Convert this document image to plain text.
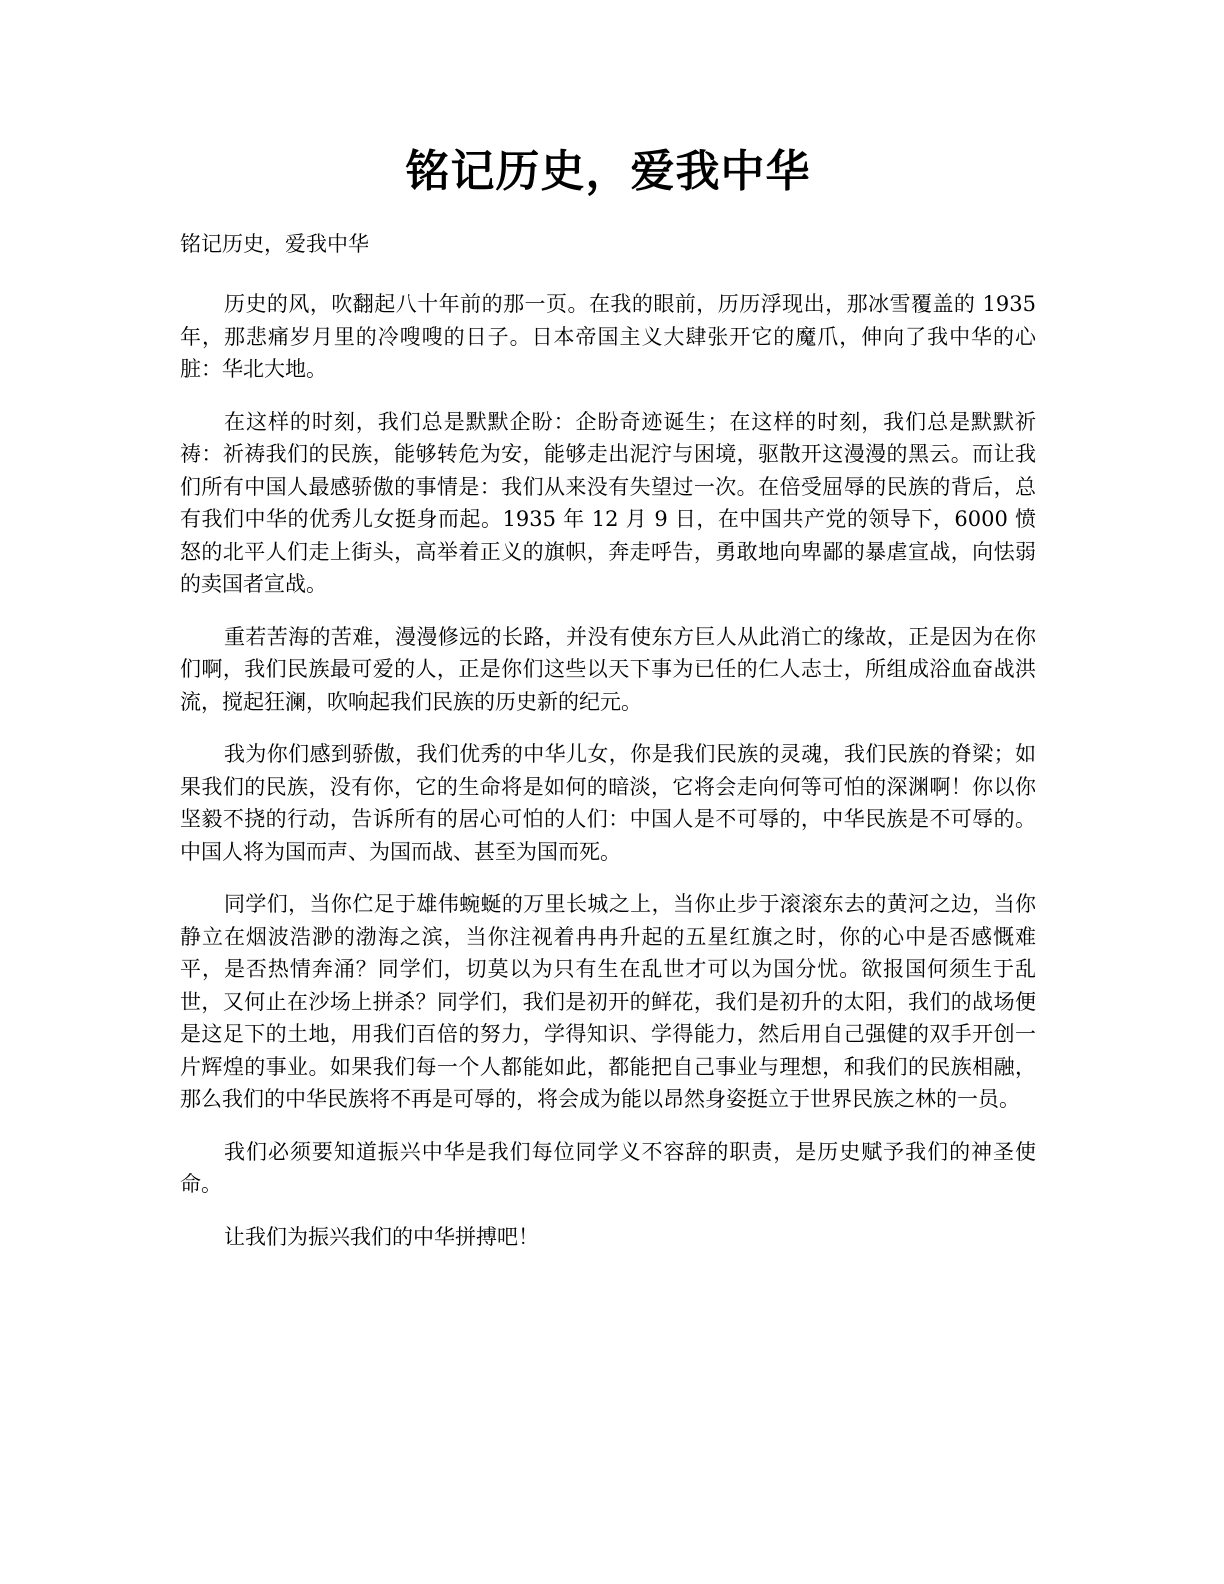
铭记历史，爱我中华

铭记历史，爱我中华

历史的风，吹翻起八十年前的那一页。在我的眼前，历历浮现出，那冰雪覆盖的 1935 年，那悲痛岁月里的冷嗖嗖的日子。日本帝国主义大肆张开它的魔爪，伸向了我中华的心脏：华北大地。

在这样的时刻，我们总是默默企盼：企盼奇迹诞生；在这样的时刻，我们总是默默祈祷：祈祷我们的民族，能够转危为安，能够走出泥泞与困境，驱散开这漫漫的黑云。而让我们所有中国人最感骄傲的事情是：我们从来没有失望过一次。在倍受屈辱的民族的背后，总有我们中华的优秀儿女挺身而起。1935 年 12 月 9 日，在中国共产党的领导下，6000 愤怒的北平人们走上街头，高举着正义的旗帜，奔走呼告，勇敢地向卑鄙的暴虐宣战，向怯弱的卖国者宣战。

重若苦海的苦难，漫漫修远的长路，并没有使东方巨人从此消亡的缘故，正是因为在你们啊，我们民族最可爱的人，正是你们这些以天下事为已任的仁人志士，所组成浴血奋战洪流，搅起狂澜，吹响起我们民族的历史新的纪元。

我为你们感到骄傲，我们优秀的中华儿女，你是我们民族的灵魂，我们民族的脊梁；如果我们的民族，没有你，它的生命将是如何的暗淡，它将会走向何等可怕的深渊啊！你以你坚毅不挠的行动，告诉所有的居心可怕的人们：中国人是不可辱的，中华民族是不可辱的。中国人将为国而声、为国而战、甚至为国而死。

同学们，当你伫足于雄伟蜿蜒的万里长城之上，当你止步于滚滚东去的黄河之边，当你静立在烟波浩渺的渤海之滨，当你注视着冉冉升起的五星红旗之时，你的心中是否感慨难平，是否热情奔涌？同学们，切莫以为只有生在乱世才可以为国分忧。欲报国何须生于乱世，又何止在沙场上拼杀？同学们，我们是初开的鲜花，我们是初升的太阳，我们的战场便是这足下的土地，用我们百倍的努力，学得知识、学得能力，然后用自己强健的双手开创一片辉煌的事业。如果我们每一个人都能如此，都能把自己事业与理想，和我们的民族相融，那么我们的中华民族将不再是可辱的，将会成为能以昂然身姿挺立于世界民族之林的一员。

我们必须要知道振兴中华是我们每位同学义不容辞的职责，是历史赋予我们的神圣使命。

让我们为振兴我们的中华拼搏吧！
